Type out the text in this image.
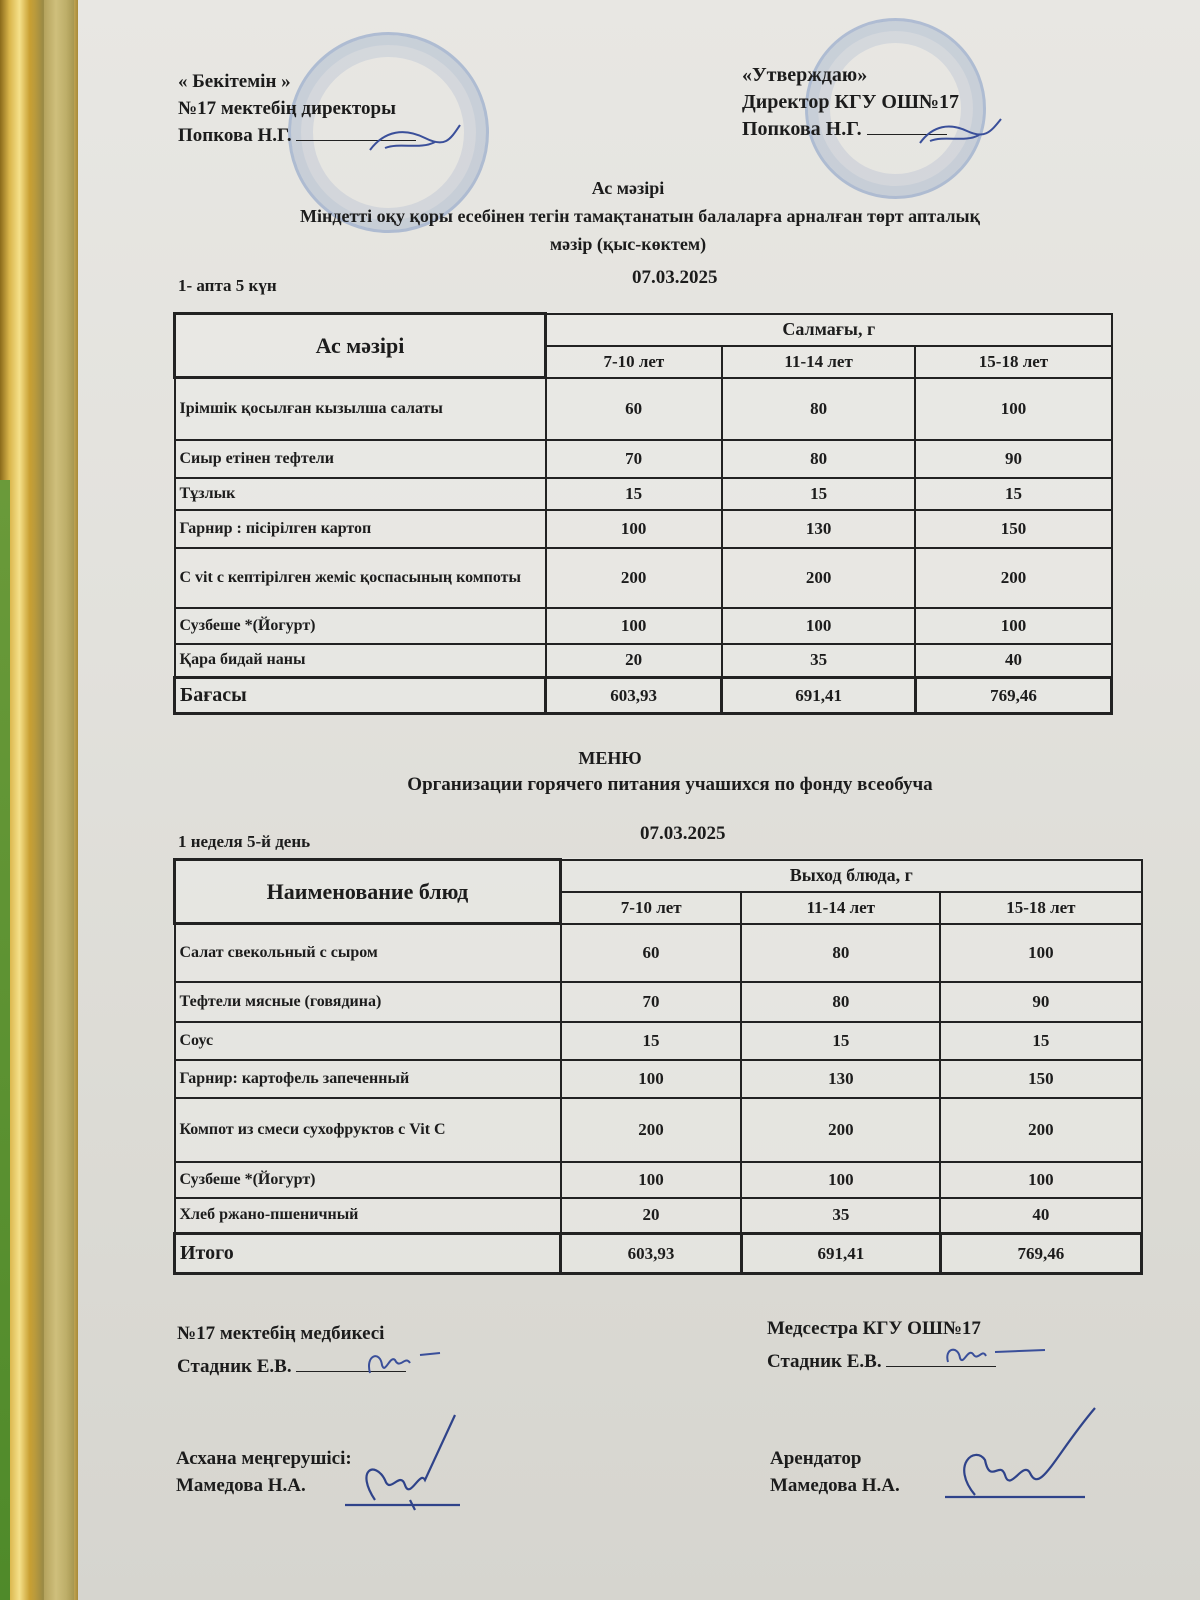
« Бекітемін »
№17 мектебің директоры
Попкова Н.Г.
«Утверждаю»
Директор КГУ ОШ№17
Попкова Н.Г.
Ас мәзірі
Міндетті оқу қоры есебінен тегін тамақтанатын балаларға арналған төрт апталық
мәзір (қыс-көктем)
1- апта 5 күн	07.03.2025
Ас мәзірі	Салмағы, г		
	7-10 лет	11-14 лет	15-18 лет
Ірімшік қосылған кызылша салаты	60	80	100
Сиыр етінен тефтели	70	80	90
Тұзлык	15	15	15
Гарнир : пісірілген картоп	100	130	150
С vit с кептірілген жеміс қоспасының компоты	200	200	200
Сузбеше *(Йогурт)	100	100	100
Қара бидай наны	20	35	40
Бағасы	603,93	691,41	769,46
МЕНЮ
Организации горячего питания учашихся по фонду всеобуча
1 неделя 5-й день	07.03.2025
Наименование блюд	Выход блюда, г		
	7-10 лет	11-14 лет	15-18 лет
Салат свекольный с сыром	60	80	100
Тефтели мясные (говядина)	70	80	90
Соус	15	15	15
Гарнир: картофель запеченный	100	130	150
Компот из смеси сухофруктов с Vit C	200	200	200
Сузбеше *(Йогурт)	100	100	100
Хлеб ржано-пшеничный	20	35	40
Итого	603,93	691,41	769,46
№17 мектебің медбикесі
Стадник Е.В.
Медсестра КГУ ОШ№17
Стадник Е.В.
Асхана меңгерушісі:
Мамедова Н.А.
Арендатор
Мамедова Н.А.
